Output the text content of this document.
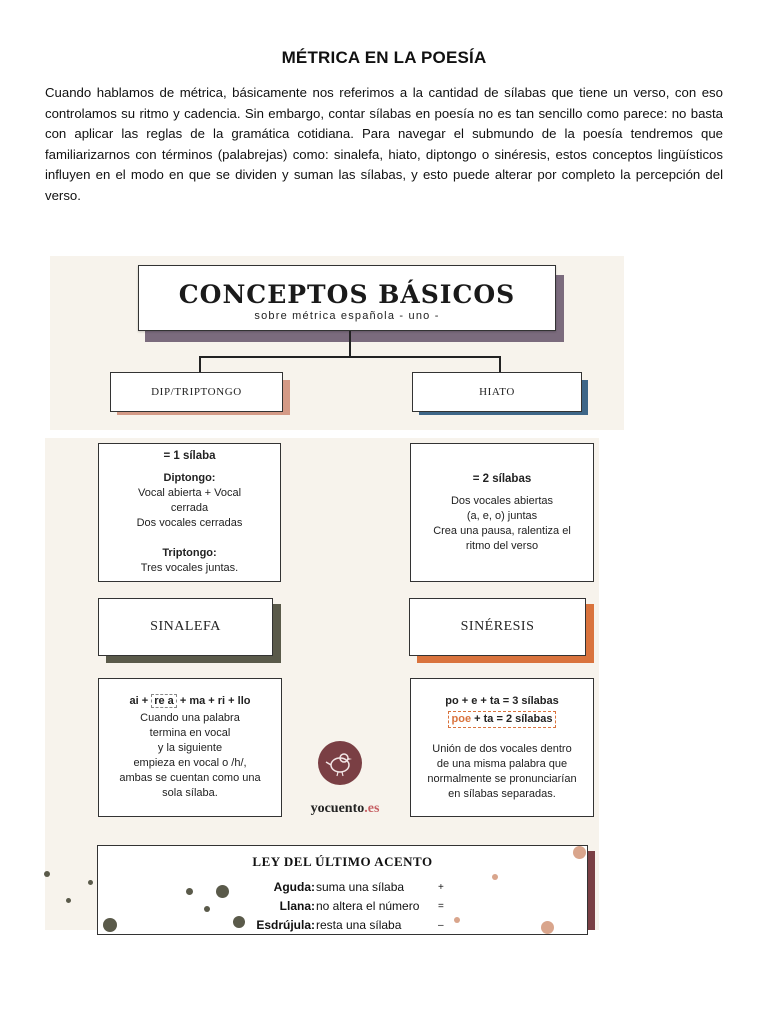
MÉTRICA EN LA POESÍA
Cuando hablamos de métrica, básicamente nos referimos a la cantidad de sílabas que tiene un verso, con eso controlamos su ritmo y cadencia. Sin embargo, contar sílabas en poesía no es tan sencillo como parece: no basta con aplicar las reglas de la gramática cotidiana. Para navegar el submundo de la poesía tendremos que familiarizarnos con términos (palabrejas) como: sinalefa, hiato, diptongo o sinéresis, estos conceptos lingüísticos influyen en el modo en que se dividen y suman las sílabas, y esto puede alterar por completo la percepción del verso.
CONCEPTOS BÁSICOS
sobre métrica española - uno -
DIP/TRIPTONGO	HIATO
= 1 sílaba
Diptongo:
Vocal abierta + Vocal
cerrada
Dos vocales cerradas
Triptongo:
Tres vocales juntas.
= 2 sílabas
Dos vocales abiertas
(a, e, o) juntas
Crea una pausa, ralentiza el
ritmo del verso
SINALEFA	SINÉRESIS
ai + re a + ma + ri + llo
Cuando una palabra
termina en vocal
y la siguiente
empieza en vocal o /h/,
ambas se cuentan como una
sola sílaba.
po + e + ta = 3 sílabas
poe + ta = 2 sílabas
Unión de dos vocales dentro
de una misma palabra que
normalmente se pronunciarían
en sílabas separadas.
yocuento.es
LEY DEL ÚLTIMO ACENTO
Aguda: suma una sílaba	+
Llana: no altera el número =
Esdrújula: resta una sílaba	–
